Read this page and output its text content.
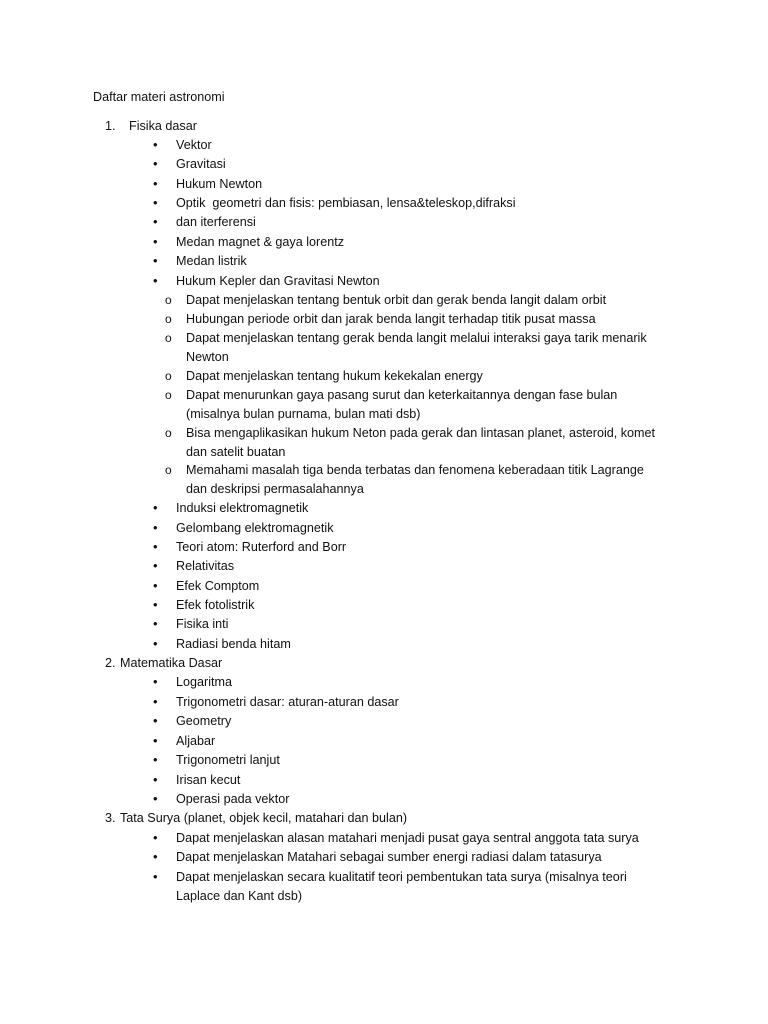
Daftar materi astronomi
1. Fisika dasar
• Vektor
• Gravitasi
• Hukum Newton
• Optik  geometri dan fisis: pembiasan, lensa&teleskop,difraksi
• dan iterferensi
• Medan magnet & gaya lorentz
• Medan listrik
• Hukum Kepler dan Gravitasi Newton
o Dapat menjelaskan tentang bentuk orbit dan gerak benda langit dalam orbit
o Hubungan periode orbit dan jarak benda langit terhadap titik pusat massa
o Dapat menjelaskan tentang gerak benda langit melalui interaksi gaya tarik menarik
Newton
o Dapat menjelaskan tentang hukum kekekalan energy
o Dapat menurunkan gaya pasang surut dan keterkaitannya dengan fase bulan
(misalnya bulan purnama, bulan mati dsb)
o Bisa mengaplikasikan hukum Neton pada gerak dan lintasan planet, asteroid, komet
dan satelit buatan
o Memahami masalah tiga benda terbatas dan fenomena keberadaan titik Lagrange
dan deskripsi permasalahannya
• Induksi elektromagnetik
• Gelombang elektromagnetik
• Teori atom: Ruterford and Borr
• Relativitas
• Efek Comptom
• Efek fotolistrik
• Fisika inti
• Radiasi benda hitam
2. Matematika Dasar
• Logaritma
• Trigonometri dasar: aturan-aturan dasar
• Geometry
• Aljabar
• Trigonometri lanjut
• Irisan kecut
• Operasi pada vektor
3. Tata Surya (planet, objek kecil, matahari dan bulan)
• Dapat menjelaskan alasan matahari menjadi pusat gaya sentral anggota tata surya
• Dapat menjelaskan Matahari sebagai sumber energi radiasi dalam tatasurya
• Dapat menjelaskan secara kualitatif teori pembentukan tata surya (misalnya teori
Laplace dan Kant dsb)
